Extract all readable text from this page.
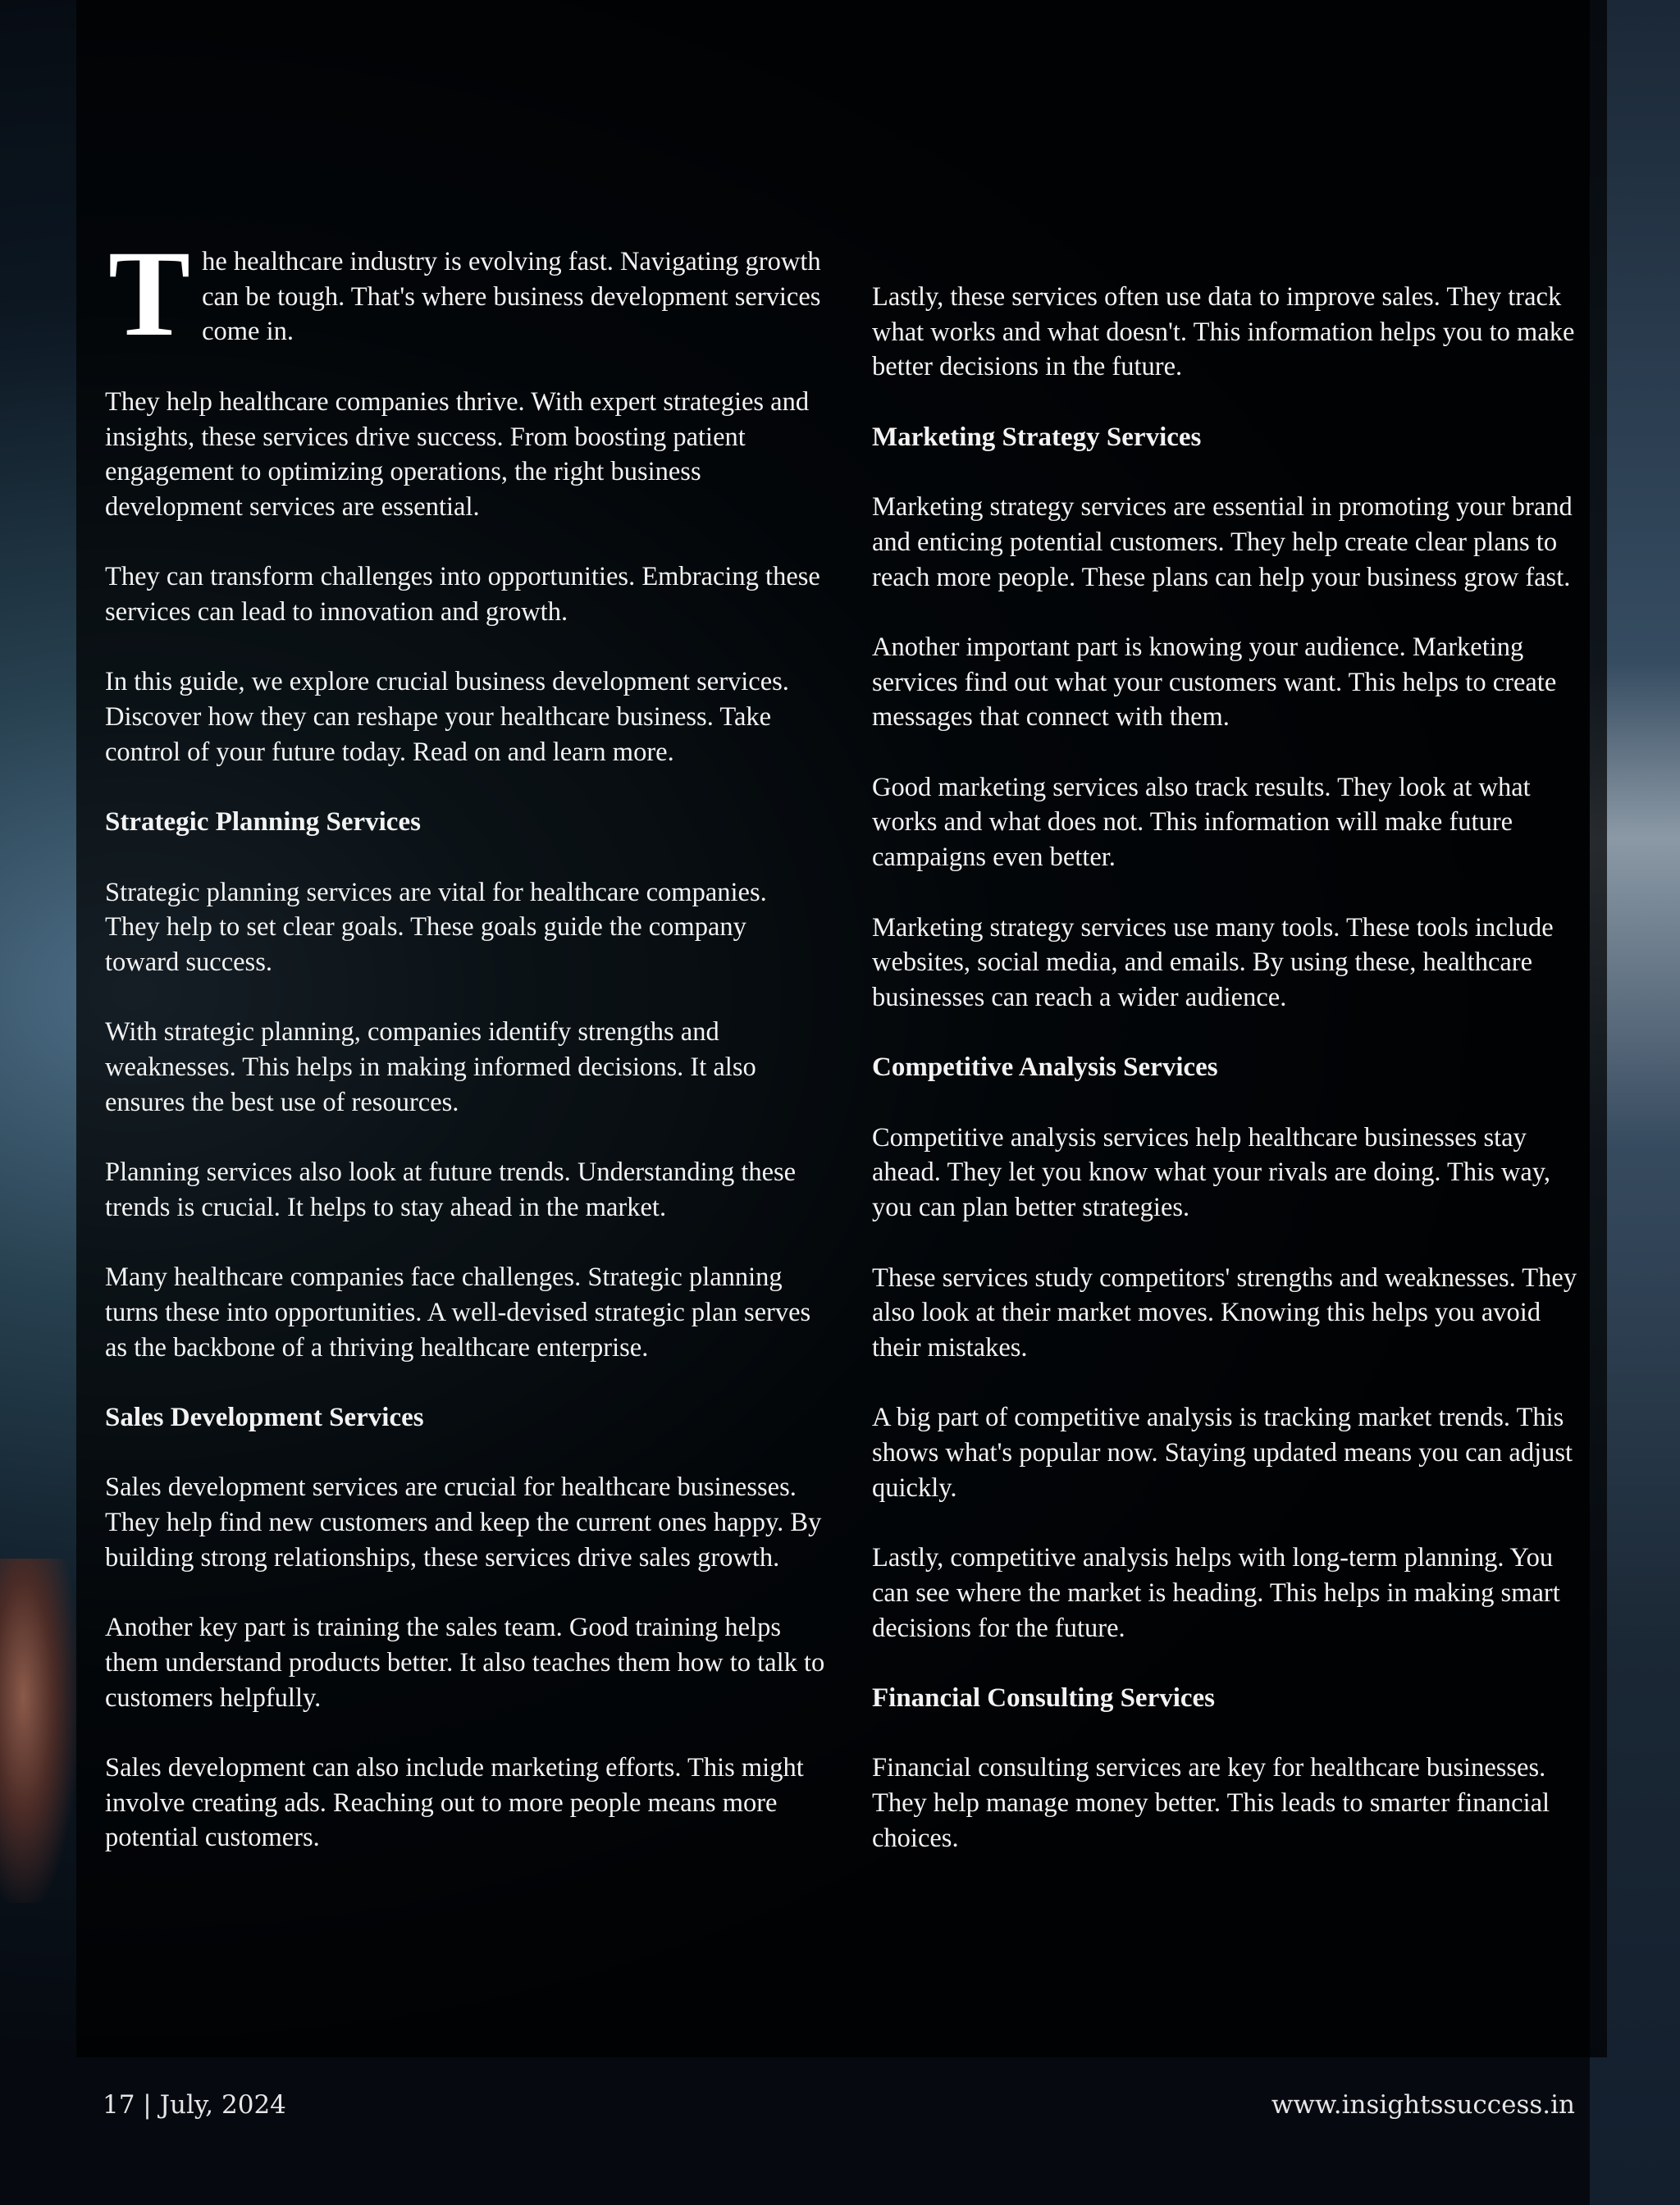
T he healthcare industry is evolving fast. Navigating growth can be tough. That's where business development services come in.

They help healthcare companies thrive. With expert strategies and insights, these services drive success. From boosting patient engagement to optimizing operations, the right business development services are essential.

They can transform challenges into opportunities. Embracing these services can lead to innovation and growth.

In this guide, we explore crucial business development services. Discover how they can reshape your healthcare business. Take control of your future today. Read on and learn more.

Strategic Planning Services

Strategic planning services are vital for healthcare companies. They help to set clear goals. These goals guide the company toward success.

With strategic planning, companies identify strengths and weaknesses. This helps in making informed decisions. It also ensures the best use of resources.

Planning services also look at future trends. Understanding these trends is crucial. It helps to stay ahead in the market.

Many healthcare companies face challenges. Strategic planning turns these into opportunities. A well-devised strategic plan serves as the backbone of a thriving healthcare enterprise.

Sales Development Services

Sales development services are crucial for healthcare businesses. They help find new customers and keep the current ones happy. By building strong relationships, these services drive sales growth.

Another key part is training the sales team. Good training helps them understand products better. It also teaches them how to talk to customers helpfully.

Sales development can also include marketing efforts. This might involve creating ads. Reaching out to more people means more potential customers.

Lastly, these services often use data to improve sales. They track what works and what doesn't. This information helps you to make better decisions in the future.

Marketing Strategy Services

Marketing strategy services are essential in promoting your brand and enticing potential customers. They help create clear plans to reach more people. These plans can help your business grow fast.

Another important part is knowing your audience. Marketing services find out what your customers want. This helps to create messages that connect with them.

Good marketing services also track results. They look at what works and what does not. This information will make future campaigns even better.

Marketing strategy services use many tools. These tools include websites, social media, and emails. By using these, healthcare businesses can reach a wider audience.

Competitive Analysis Services

Competitive analysis services help healthcare businesses stay ahead. They let you know what your rivals are doing. This way, you can plan better strategies.

These services study competitors' strengths and weaknesses. They also look at their market moves. Knowing this helps you avoid their mistakes.

A big part of competitive analysis is tracking market trends. This shows what's popular now. Staying updated means you can adjust quickly.

Lastly, competitive analysis helps with long-term planning. You can see where the market is heading. This helps in making smart decisions for the future.

Financial Consulting Services

Financial consulting services are key for healthcare businesses. They help manage money better. This leads to smarter financial choices.

17 | July, 2024	www.insightssuccess.in
